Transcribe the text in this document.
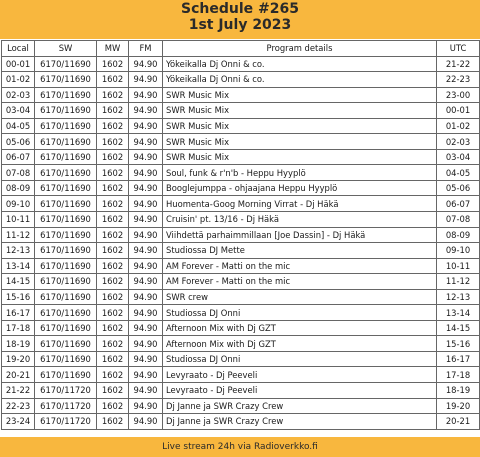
Schedule #265
1st July 2023
Local	SW	MW	FM	Program details	UTC
00-01	6170/11690	1602	94.90	Yökeikalla Dj Onni & co.	21-22
01-02	6170/11690	1602	94.90	Yökeikalla Dj Onni & co.	22-23
02-03	6170/11690	1602	94.90	SWR Music Mix	23-00
03-04	6170/11690	1602	94.90	SWR Music Mix	00-01
04-05	6170/11690	1602	94.90	SWR Music Mix	01-02
05-06	6170/11690	1602	94.90	SWR Music Mix	02-03
06-07	6170/11690	1602	94.90	SWR Music Mix	03-04
07-08	6170/11690	1602	94.90	Soul, funk & r'n'b - Heppu Hyyplö	04-05
08-09	6170/11690	1602	94.90	Booglejumppa - ohjaajana Heppu Hyyplö	05-06
09-10	6170/11690	1602	94.90	Huomenta-Goog Morning Virrat - Dj Häkä	06-07
10-11	6170/11690	1602	94.90	Cruisin' pt. 13/16 - Dj Häkä	07-08
11-12	6170/11690	1602	94.90	Viihdettä parhaimmillaan [Joe Dassin] - Dj Häkä	08-09
12-13	6170/11690	1602	94.90	Studiossa DJ Mette	09-10
13-14	6170/11690	1602	94.90	AM Forever - Matti on the mic	10-11
14-15	6170/11690	1602	94.90	AM Forever - Matti on the mic	11-12
15-16	6170/11690	1602	94.90	SWR crew	12-13
16-17	6170/11690	1602	94.90	Studiossa DJ Onni	13-14
17-18	6170/11690	1602	94.90	Afternoon Mix with Dj GZT	14-15
18-19	6170/11690	1602	94.90	Afternoon Mix with Dj GZT	15-16
19-20	6170/11690	1602	94.90	Studiossa DJ Onni	16-17
20-21	6170/11690	1602	94.90	Levyraato - Dj Peeveli	17-18
21-22	6170/11720	1602	94.90	Levyraato - Dj Peeveli	18-19
22-23	6170/11720	1602	94.90	Dj Janne ja SWR Crazy Crew	19-20
23-24	6170/11720	1602	94.90	Dj Janne ja SWR Crazy Crew	20-21
Live stream 24h via Radioverkko.fi
